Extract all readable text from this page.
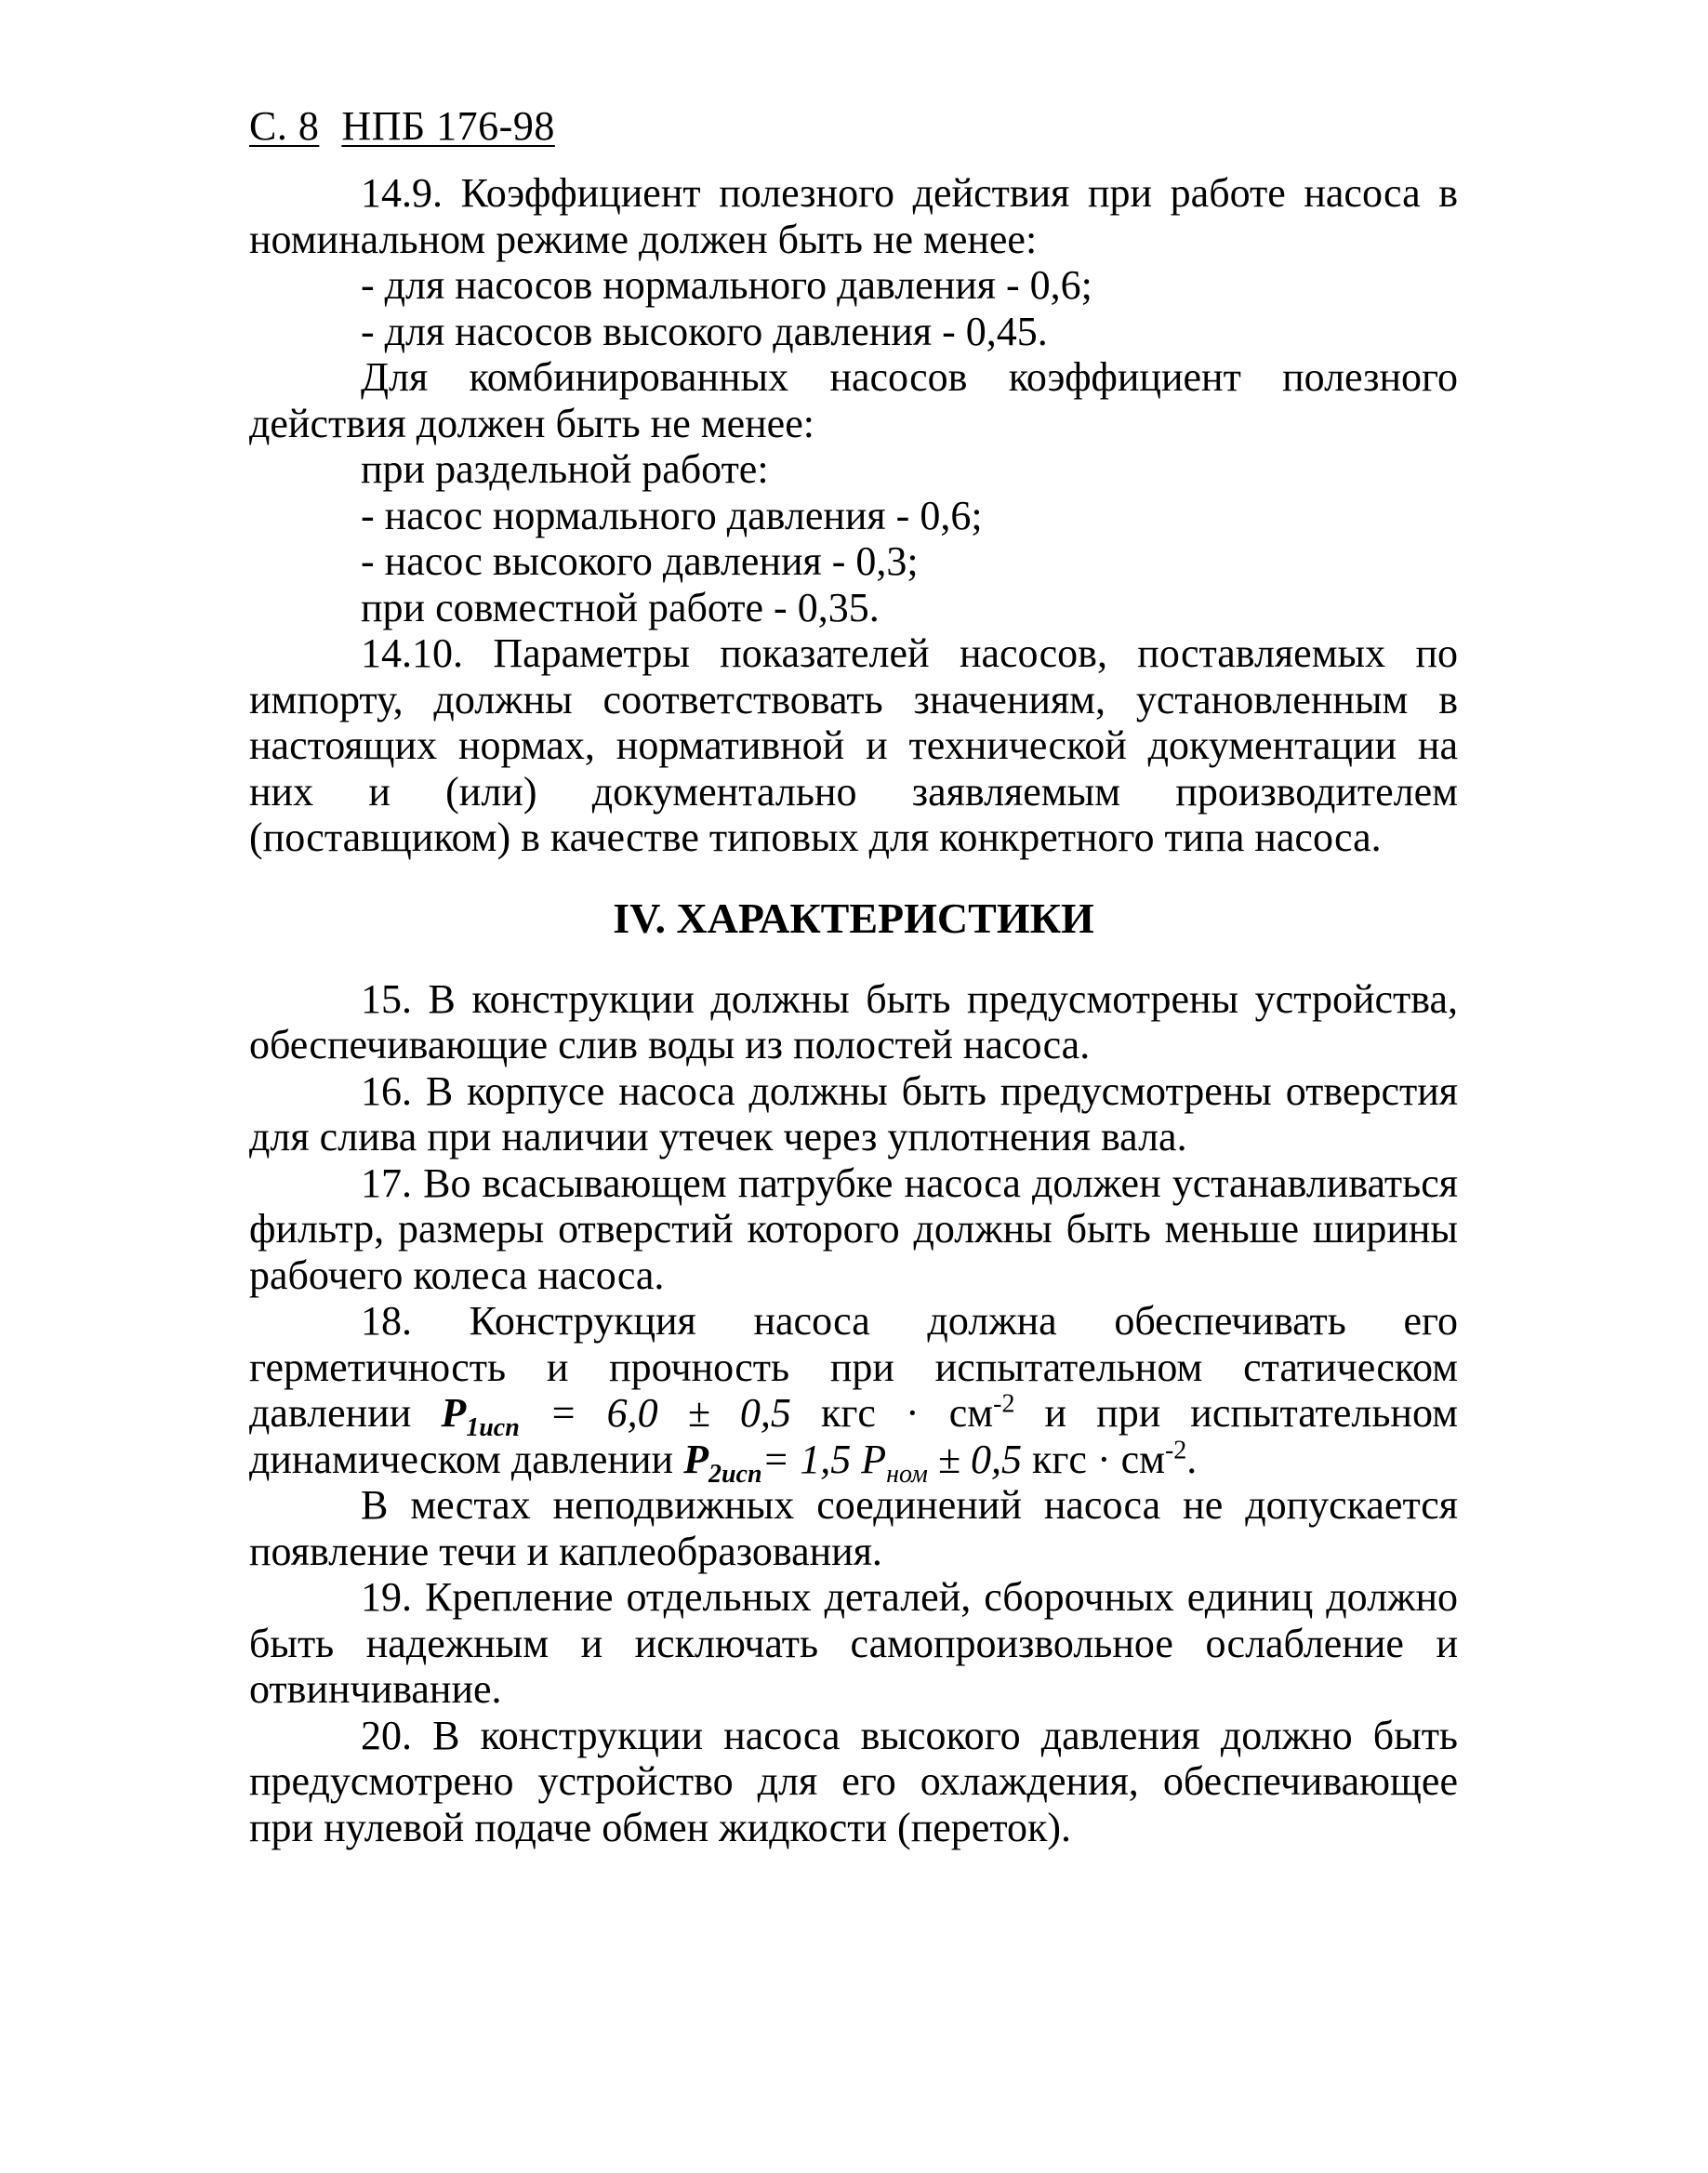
С. 8 НПБ 176-98

14.9. Коэффициент полезного действия при работе насоса в номинальном режиме должен быть не менее:

- для насосов нормального давления - 0,6;

- для насосов высокого давления - 0,45.

Для комбинированных насосов коэффициент полезного действия должен быть не менее:

при раздельной работе:

- насос нормального давления - 0,6;

- насос высокого давления - 0,3;

при совместной работе - 0,35.

14.10. Параметры показателей насосов, поставляемых по импорту, должны соответствовать значениям, установленным в настоящих нормах, нормативной и технической документации на них и (или) документально заявляемым производителем (поставщиком) в качестве типовых для конкретного типа насоса.

IV. ХАРАКТЕРИСТИКИ

15. В конструкции должны быть предусмотрены устройства, обеспечивающие слив воды из полостей насоса.

16. В корпусе насоса должны быть предусмотрены отверстия для слива при наличии утечек через уплотнения вала.

17. Во всасывающем патрубке насоса должен устанавливаться фильтр, размеры отверстий которого должны быть меньше ширины рабочего колеса насоса.

18. Конструкция насоса должна обеспечивать его герметичность и прочность при испытательном статическом давлении $P_{1исп} = 6,0 \pm 0,5$ кгс · $см^{-2}$ и при испытательном динамическом давлении $P_{2исп}= 1,5$ $P_{ном} \pm 0,5$ кгс · $см^{-2}$.

В местах неподвижных соединений насоса не допускается появление течи и каплеобразования.

19. Крепление отдельных деталей, сборочных единиц должно быть надежным и исключать самопроизвольное ослабление и отвинчивание.

20. В конструкции насоса высокого давления должно быть предусмотрено устройство для его охлаждения, обеспечивающее при нулевой подаче обмен жидкости (переток).
